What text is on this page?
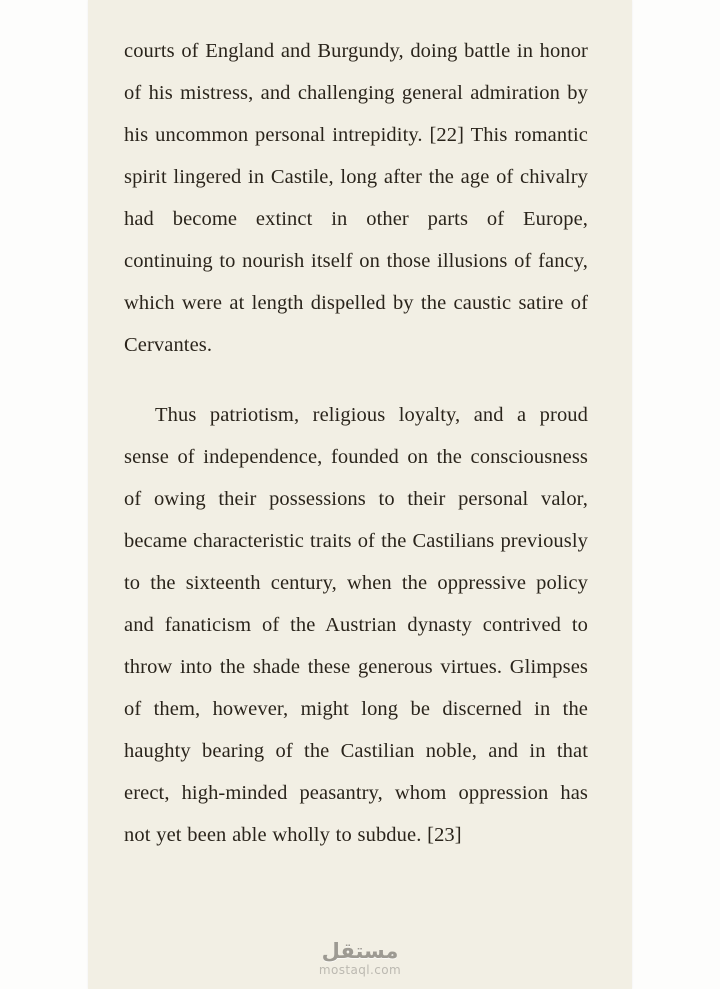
courts of England and Burgundy, doing battle in honor of his mistress, and challenging general admiration by his uncommon personal intrepidity. [22] This romantic spirit lingered in Castile, long after the age of chivalry had become extinct in other parts of Europe, continuing to nourish itself on those illusions of fancy, which were at length dispelled by the caustic satire of Cervantes.

Thus patriotism, religious loyalty, and a proud sense of independence, founded on the consciousness of owing their possessions to their personal valor, became characteristic traits of the Castilians previously to the sixteenth century, when the oppressive policy and fanaticism of the Austrian dynasty contrived to throw into the shade these generous virtues. Glimpses of them, however, might long be discerned in the haughty bearing of the Castilian noble, and in that erect, high-minded peasantry, whom oppression has not yet been able wholly to subdue. [23]

مستقل
mostaql.com
